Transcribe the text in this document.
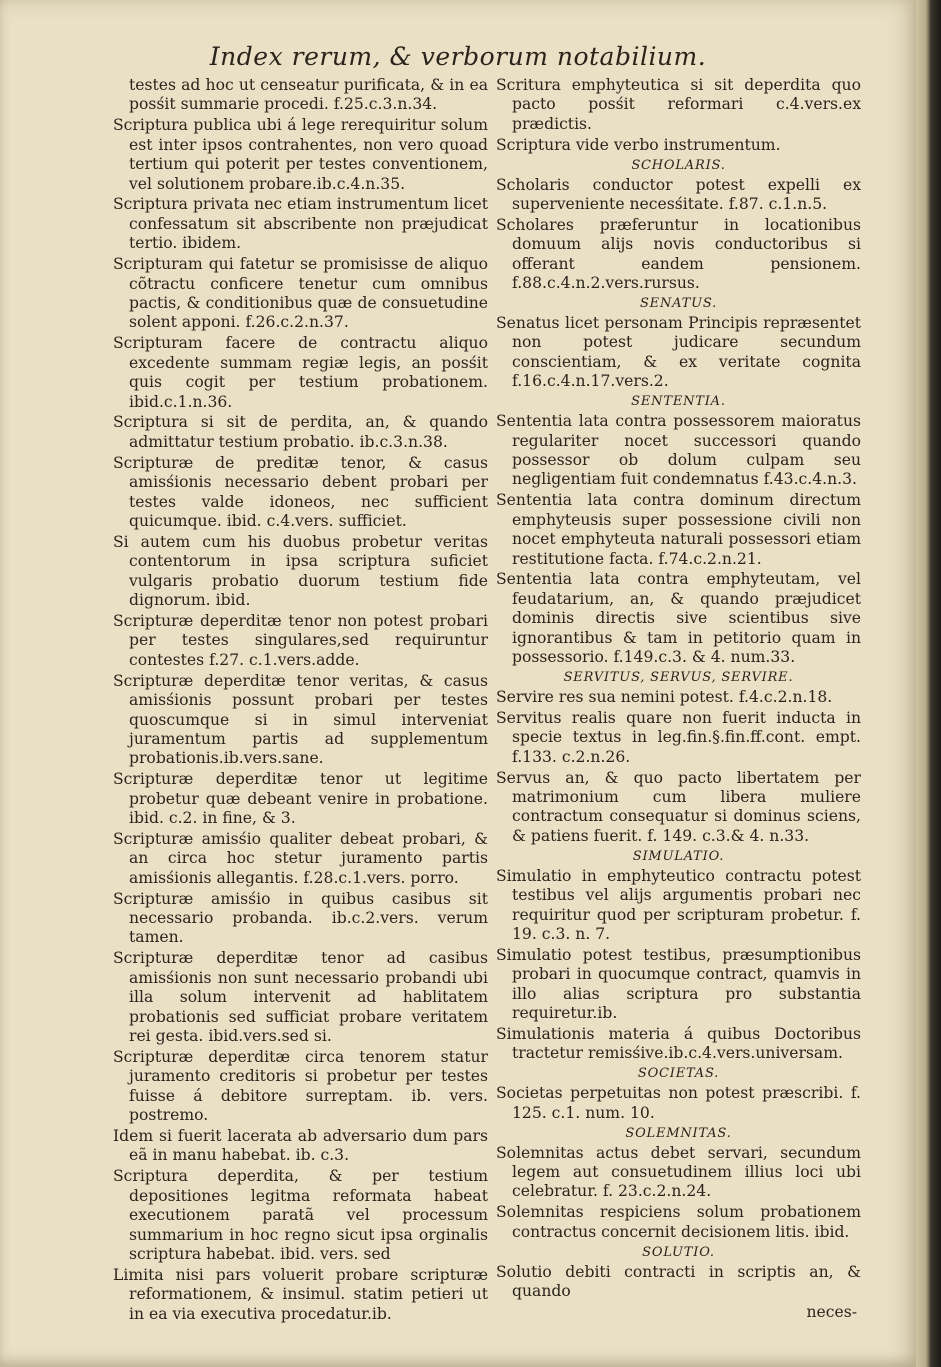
Index rerum, & verborum notabilium.

testes ad hoc ut censeatur purificata, & in ea posśit summarie procedi. f.25.c.3.n.34.

Scriptura publica ubi á lege rerequiritur solum est inter ipsos contrahentes, non vero quoad tertium qui poterit per testes conventionem, vel solutionem probare.ib.c.4.n.35.

Scriptura privata nec etiam instrumentum licet confessatum sit abscribente non præjudicat tertio. ibidem.

Scripturam qui fatetur se promisisse de aliquo cõtractu conficere tenetur cum omnibus pactis, & conditionibus quæ de consuetudine solent apponi. f.26.c.2.n.37.

Scripturam facere de contractu aliquo excedente summam regiæ legis, an posśit quis cogit per testium probationem. ibid.c.1.n.36.

Scriptura si sit de perdita, an, & quando admittatur testium probatio. ib.c.3.n.38.

Scripturæ de preditæ tenor, & casus amisśionis necessario debent probari per testes valde idoneos, nec sufficient quicumque. ibid. c.4.vers. sufficiet.

Si autem cum his duobus probetur veritas contentorum in ipsa scriptura suficiet vulgaris probatio duorum testium fide dignorum. ibid.

Scripturæ deperditæ tenor non potest probari per testes singulares,sed requiruntur contestes f.27. c.1.vers.adde.

Scripturæ deperditæ tenor veritas, & casus amisśionis possunt probari per testes quoscumque si in simul interveniat juramentum partis ad supplementum probationis.ib.vers.sane.

Scripturæ deperditæ tenor ut legitime probetur quæ debeant venire in probatione. ibid. c.2. in fine, & 3.

Scripturæ amisśio qualiter debeat probari, & an circa hoc stetur juramento partis amisśionis allegantis. f.28.c.1.vers. porro.

Scripturæ amisśio in quibus casibus sit necessario probanda. ib.c.2.vers. verum tamen.

Scripturæ deperditæ tenor ad casibus amisśionis non sunt necessario probandi ubi illa solum intervenit ad hablitatem probationis sed sufficiat probare veritatem rei gesta. ibid.vers.sed si.

Scripturæ deperditæ circa tenorem statur juramento creditoris si probetur per testes fuisse á debitore surreptam. ib. vers. postremo.

Idem si fuerit lacerata ab adversario dum pars eã in manu habebat. ib. c.3.

Scriptura deperdita, & per testium depositiones legitma reformata habeat executionem paratã vel processum summarium in hoc regno sicut ipsa orginalis scriptura habebat. ibid. vers. sed

Limita nisi pars voluerit probare scripturæ reformationem, & insimul. statim petieri ut in ea via executiva procedatur.ib.

Scritura emphyteutica si sit deperdita quo pacto posśit reformari c.4.vers.ex prædictis.

Scriptura vide verbo instrumentum.

SCHOLARIS.

Scholaris conductor potest expelli ex superveniente necesśitate. f.87. c.1.n.5.

Scholares præferuntur in locationibus domuum alijs novis conductoribus si offerant eandem pensionem. f.88.c.4.n.2.vers.rursus.

SENATUS.

Senatus licet personam Principis repræsentet non potest judicare secundum conscientiam, & ex veritate cognita f.16.c.4.n.17.vers.2.

SENTENTIA.

Sententia lata contra possessorem maioratus regulariter nocet successori quando possessor ob dolum culpam seu negligentiam fuit condemnatus f.43.c.4.n.3.

Sententia lata contra dominum directum emphyteusis super possessione civili non nocet emphyteuta naturali possessori etiam restitutione facta. f.74.c.2.n.21.

Sententia lata contra emphyteutam, vel feudatarium, an, & quando præjudicet dominis directis sive scientibus sive ignorantibus & tam in petitorio quam in possessorio. f.149.c.3. & 4. num.33.

SERVITUS, SERVUS, SERVIRE.

Servire res sua nemini potest. f.4.c.2.n.18.

Servitus realis quare non fuerit inducta in specie textus in leg.fin.§.fin.ff.cont. empt. f.133. c.2.n.26.

Servus an, & quo pacto libertatem per matrimonium cum libera muliere contractum consequatur si dominus sciens, & patiens fuerit. f. 149. c.3.& 4. n.33.

SIMULATIO.

Simulatio in emphyteutico contractu potest testibus vel alijs argumentis probari nec requiritur quod per scripturam probetur. f. 19. c.3. n. 7.

Simulatio potest testibus, præsumptionibus probari in quocumque contract, quamvis in illo alias scriptura pro substantia requiretur.ib.

Simulationis materia á quibus Doctoribus tractetur remisśive.ib.c.4.vers.universam.

SOCIETAS.

Societas perpetuitas non potest præscribi. f. 125. c.1. num. 10.

SOLEMNITAS.

Solemnitas actus debet servari, secundum legem aut consuetudinem illius loci ubi celebratur. f. 23.c.2.n.24.

Solemnitas respiciens solum probationem contractus concernit decisionem litis. ibid.

SOLUTIO.

Solutio debiti contracti in scriptis an, & quando

neces-
